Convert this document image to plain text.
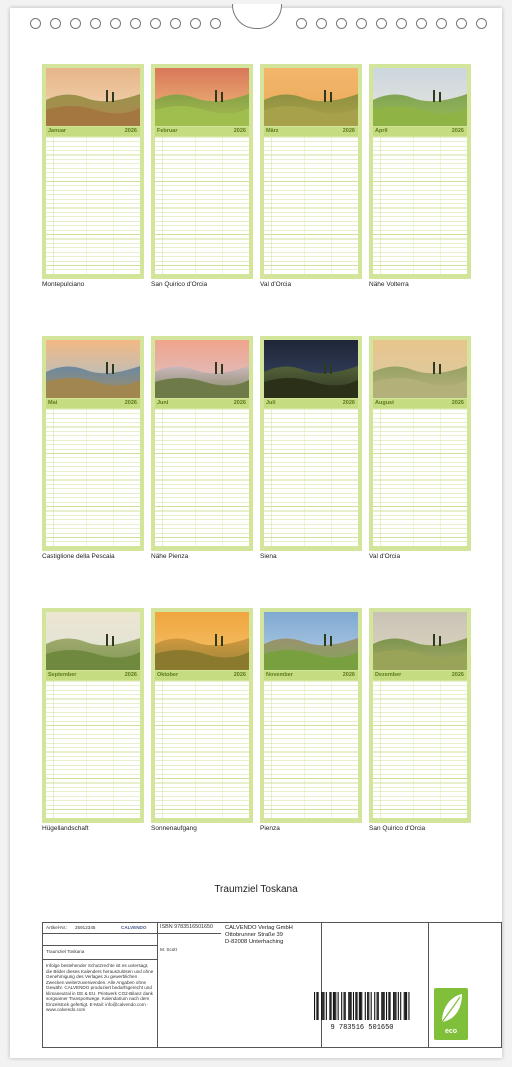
Januar	2026
Montepulciano
Februar	2026
San Quirico d'Orcia
März	2026
Val d'Orcia
April	2026
Nähe Volterra
Mai	2026
Castiglione della Pescaia
Juni	2026
Nähe Pienza
Juli	2026
Siena
August	2026
Val d'Orcia
September	2026
Hügellandschaft
Oktober	2026
Sonnenaufgang
November	2026
Pienza
Dezember	2026
San Quirico d'Orcia
Traumziel Toskana
Artikel-Nr.: 25912345	CALVENDO
Traumziel Toskana
Infolge bestehender Schutzrechte ist es untersagt, die Bilder dieses Kalenders herauszulösen und ohne Genehmigung des Verlages zu gewerblichen Zwecken weiterzuverwenden. Alle Angaben ohne Gewähr. CALVENDO produziert bedarfsgerecht und klimaneutral in DE & EU. Printwerk CO2-Bilanz dank sorgsamer Transportwege. Kalendarium nach dem Einzelstück gefertigt. E-Mail: info@calvendo.com · www.calvendo.com
ISBN 9783516501650
M. Scott
CALVENDO Verlag GmbH
Ottobrunner Straße 39
D-82008 Unterhaching
9 783516 501650	eco
